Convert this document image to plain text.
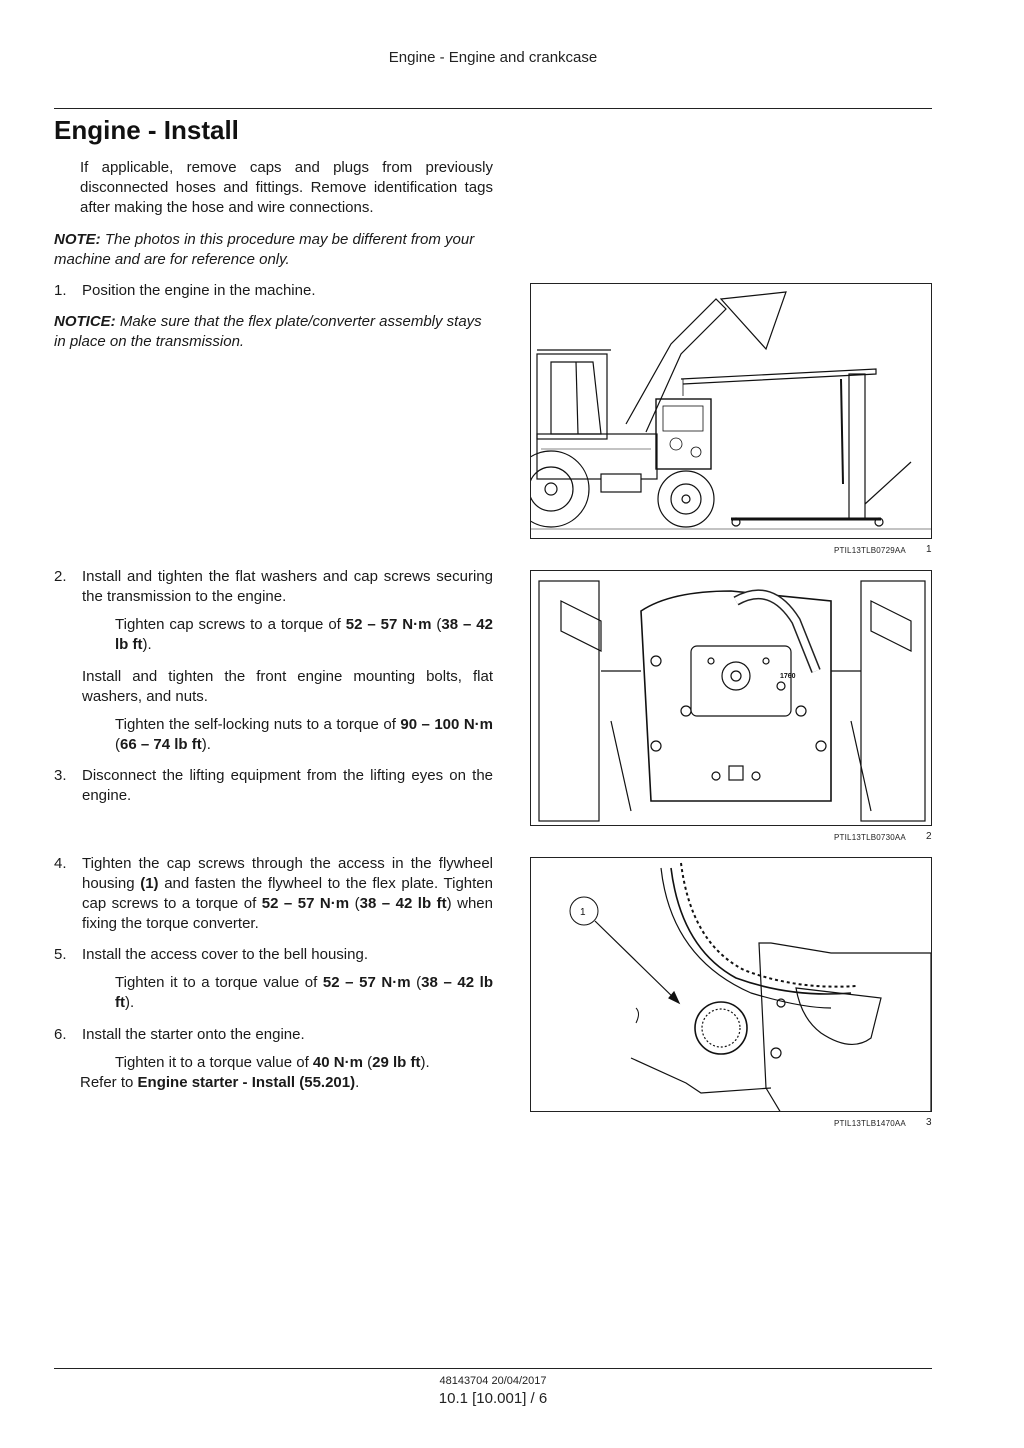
Engine - Engine and crankcase
Engine - Install
If applicable, remove caps and plugs from previously disconnected hoses and fittings. Remove identification tags after making the hose and wire connections.
NOTE: The photos in this procedure may be different from your machine and are for reference only.
1.	Position the engine in the machine.
NOTICE: Make sure that the flex plate/converter assembly stays in place on the transmission.
2.	Install and tighten the flat washers and cap screws securing the transmission to the engine.
Tighten cap screws to a torque of 52 – 57 N·m (38 – 42 lb ft).
Install and tighten the front engine mounting bolts, flat washers, and nuts.
Tighten the self-locking nuts to a torque of 90 – 100 N·m (66 – 74 lb ft).
3.	Disconnect the lifting equipment from the lifting eyes on the engine.
4.	Tighten the cap screws through the access in the flywheel housing (1) and fasten the flywheel to the flex plate. Tighten cap screws to a torque of 52 – 57 N·m (38 – 42 lb ft) when fixing the torque converter.
5.	Install the access cover to the bell housing.
Tighten it to a torque value of 52 – 57 N·m (38 – 42 lb ft).
6.	Install the starter onto the engine.
Tighten it to a torque value of 40 N·m (29 lb ft).
Refer to Engine starter - Install (55.201).
PTIL13TLB0729AA 1
1760
PTIL13TLB0730AA 2
1
PTIL13TLB1470AA 3
48143704 20/04/2017
10.1 [10.001] / 6
